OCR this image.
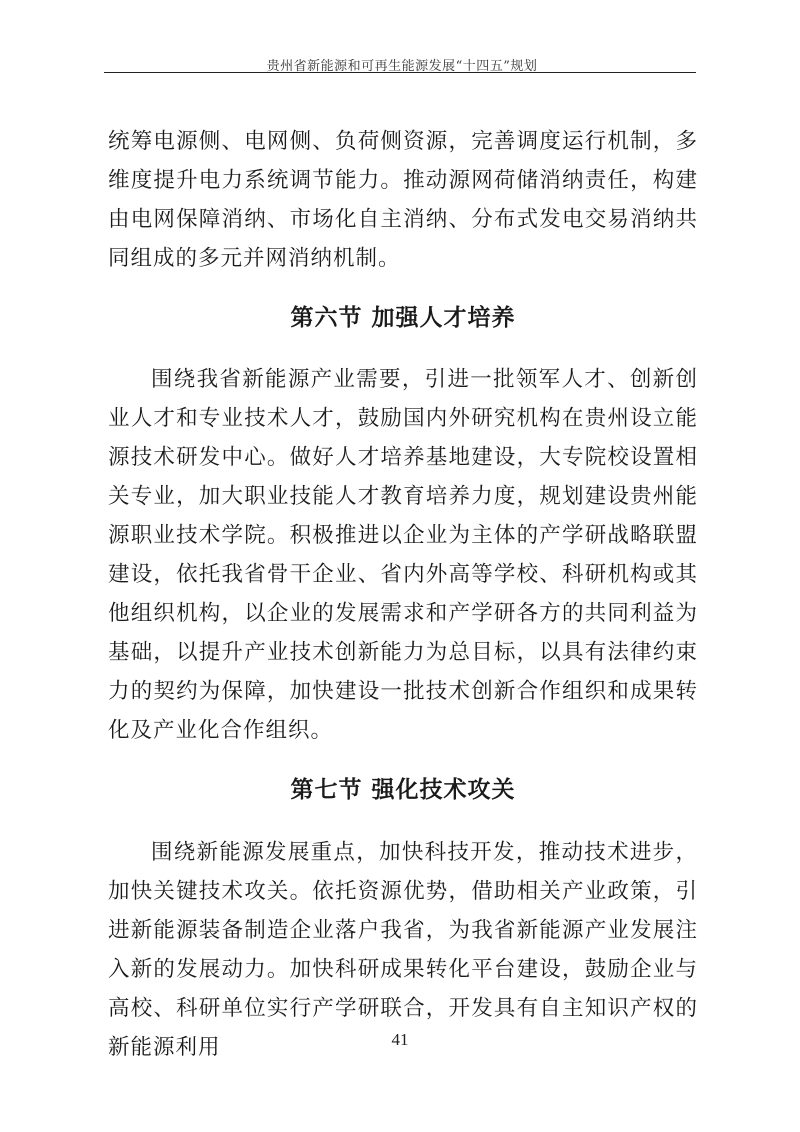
贵州省新能源和可再生能源发展“十四五”规划

统筹电源侧、电网侧、负荷侧资源，完善调度运行机制，多维度提升电力系统调节能力。推动源网荷储消纳责任，构建由电网保障消纳、市场化自主消纳、分布式发电交易消纳共同组成的多元并网消纳机制。

第六节 加强人才培养

围绕我省新能源产业需要，引进一批领军人才、创新创业人才和专业技术人才，鼓励国内外研究机构在贵州设立能源技术研发中心。做好人才培养基地建设，大专院校设置相关专业，加大职业技能人才教育培养力度，规划建设贵州能源职业技术学院。积极推进以企业为主体的产学研战略联盟建设，依托我省骨干企业、省内外高等学校、科研机构或其他组织机构，以企业的发展需求和产学研各方的共同利益为基础，以提升产业技术创新能力为总目标，以具有法律约束力的契约为保障，加快建设一批技术创新合作组织和成果转化及产业化合作组织。

第七节 强化技术攻关

围绕新能源发展重点，加快科技开发，推动技术进步，加快关键技术攻关。依托资源优势，借助相关产业政策，引进新能源装备制造企业落户我省，为我省新能源产业发展注入新的发展动力。加快科研成果转化平台建设，鼓励企业与高校、科研单位实行产学研联合，开发具有自主知识产权的新能源利用	41
